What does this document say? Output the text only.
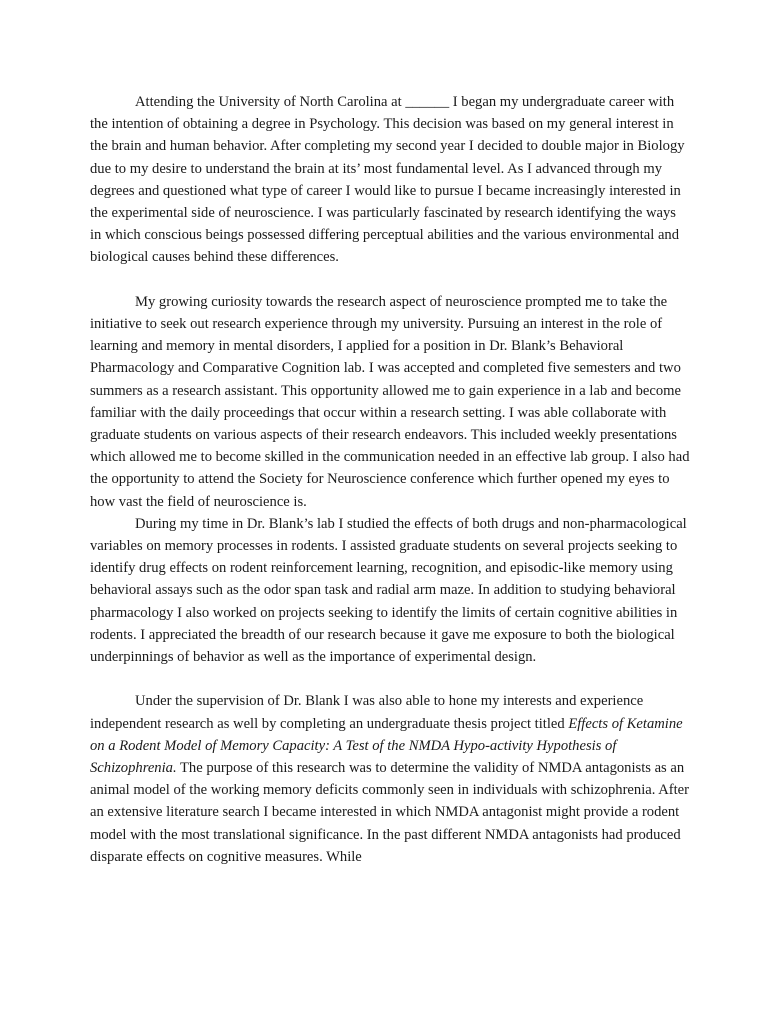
Attending the University of North Carolina at ______ I began my undergraduate career with the intention of obtaining a degree in Psychology. This decision was based on my general interest in the brain and human behavior. After completing my second year I decided to double major in Biology due to my desire to understand the brain at its’ most fundamental level. As I advanced through my degrees and questioned what type of career I would like to pursue I became increasingly interested in the experimental side of neuroscience. I was particularly fascinated by research identifying the ways in which conscious beings possessed differing perceptual abilities and the various environmental and biological causes behind these differences.

My growing curiosity towards the research aspect of neuroscience prompted me to take the initiative to seek out research experience through my university. Pursuing an interest in the role of learning and memory in mental disorders, I applied for a position in Dr. Blank’s Behavioral Pharmacology and Comparative Cognition lab. I was accepted and completed five semesters and two summers as a research assistant. This opportunity allowed me to gain experience in a lab and become familiar with the daily proceedings that occur within a research setting. I was able collaborate with graduate students on various aspects of their research endeavors. This included weekly presentations which allowed me to become skilled in the communication needed in an effective lab group. I also had the opportunity to attend the Society for Neuroscience conference which further opened my eyes to how vast the field of neuroscience is.

During my time in Dr. Blank’s lab I studied the effects of both drugs and non-pharmacological variables on memory processes in rodents. I assisted graduate students on several projects seeking to identify drug effects on rodent reinforcement learning, recognition, and episodic-like memory using behavioral assays such as the odor span task and radial arm maze. In addition to studying behavioral pharmacology I also worked on projects seeking to identify the limits of certain cognitive abilities in rodents. I appreciated the breadth of our research because it gave me exposure to both the biological underpinnings of behavior as well as the importance of experimental design.

Under the supervision of Dr. Blank I was also able to hone my interests and experience independent research as well by completing an undergraduate thesis project titled Effects of Ketamine on a Rodent Model of Memory Capacity: A Test of the NMDA Hypo-activity Hypothesis of Schizophrenia. The purpose of this research was to determine the validity of NMDA antagonists as an animal model of the working memory deficits commonly seen in individuals with schizophrenia. After an extensive literature search I became interested in which NMDA antagonist might provide a rodent model with the most translational significance. In the past different NMDA antagonists had produced disparate effects on cognitive measures. While
